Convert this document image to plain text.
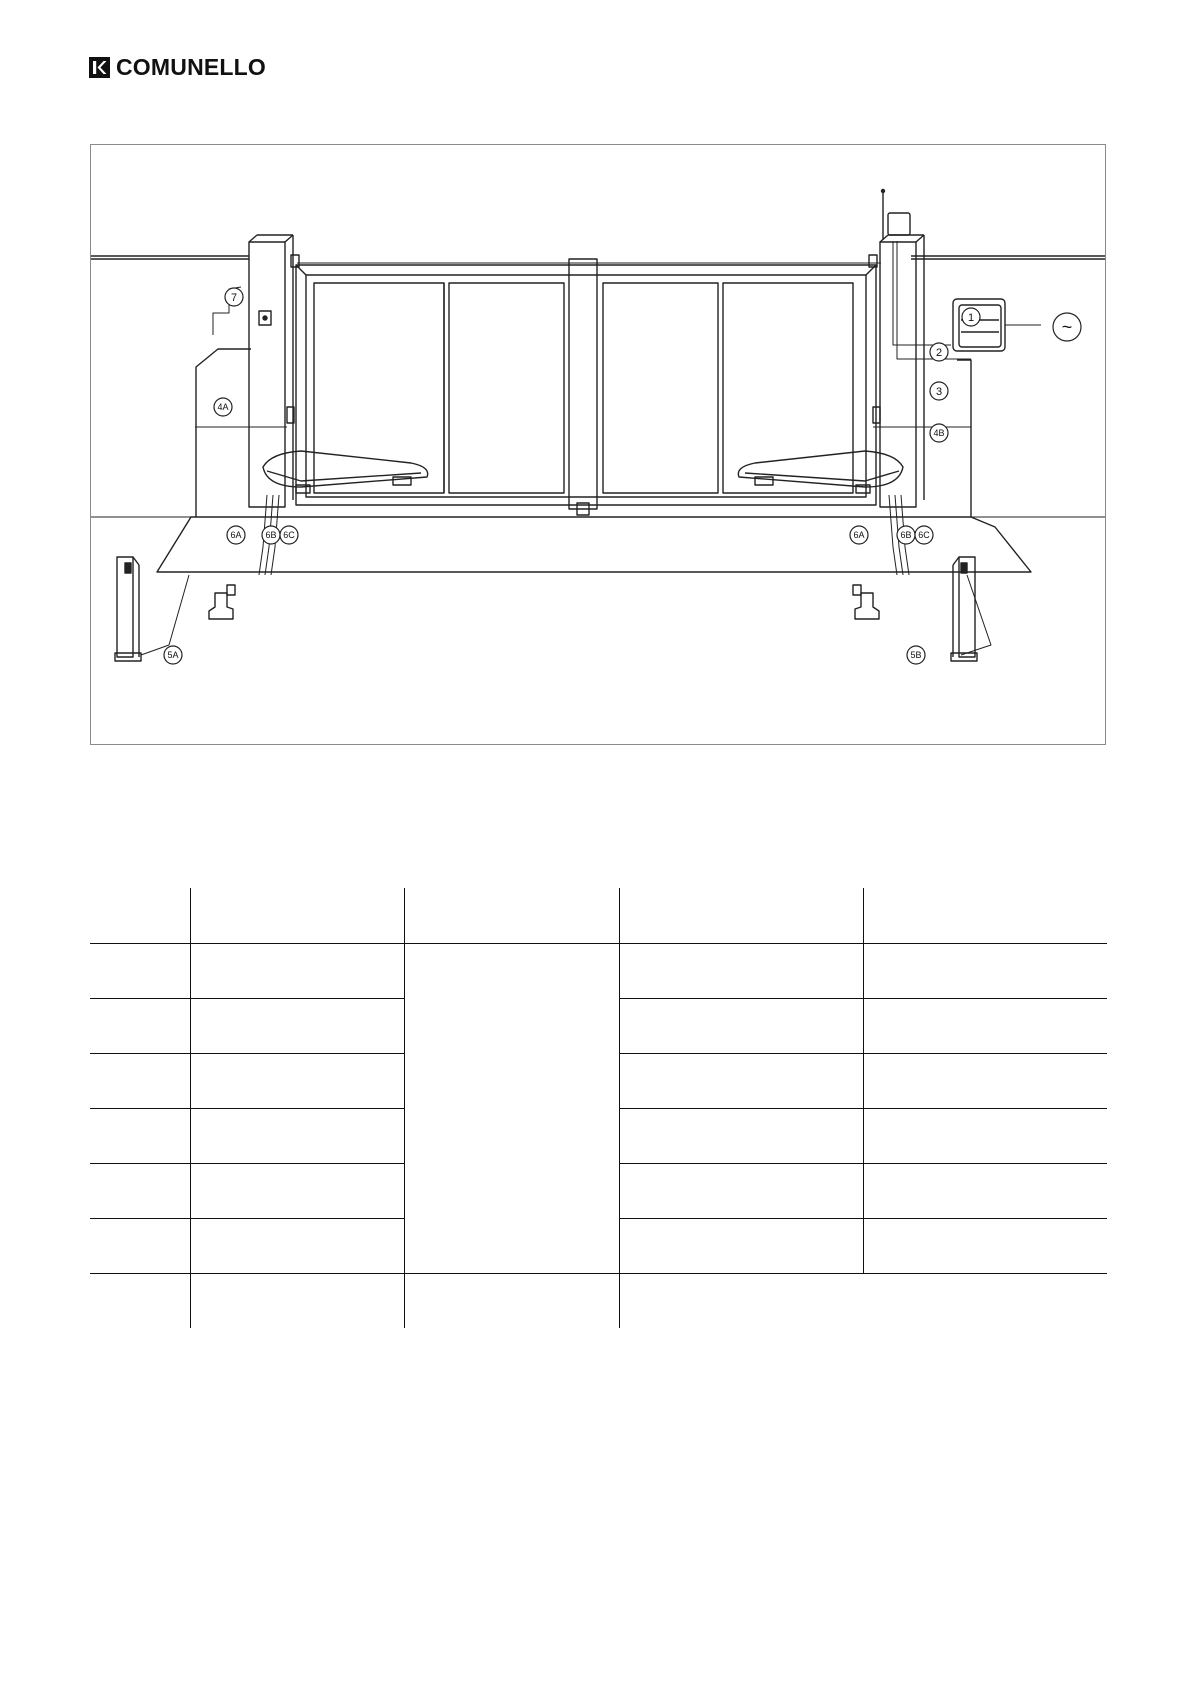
COMUNELLO
1
2
3
4A
4B
5A	5B
6A	6B 6C	6A	6B 6C
7
~
